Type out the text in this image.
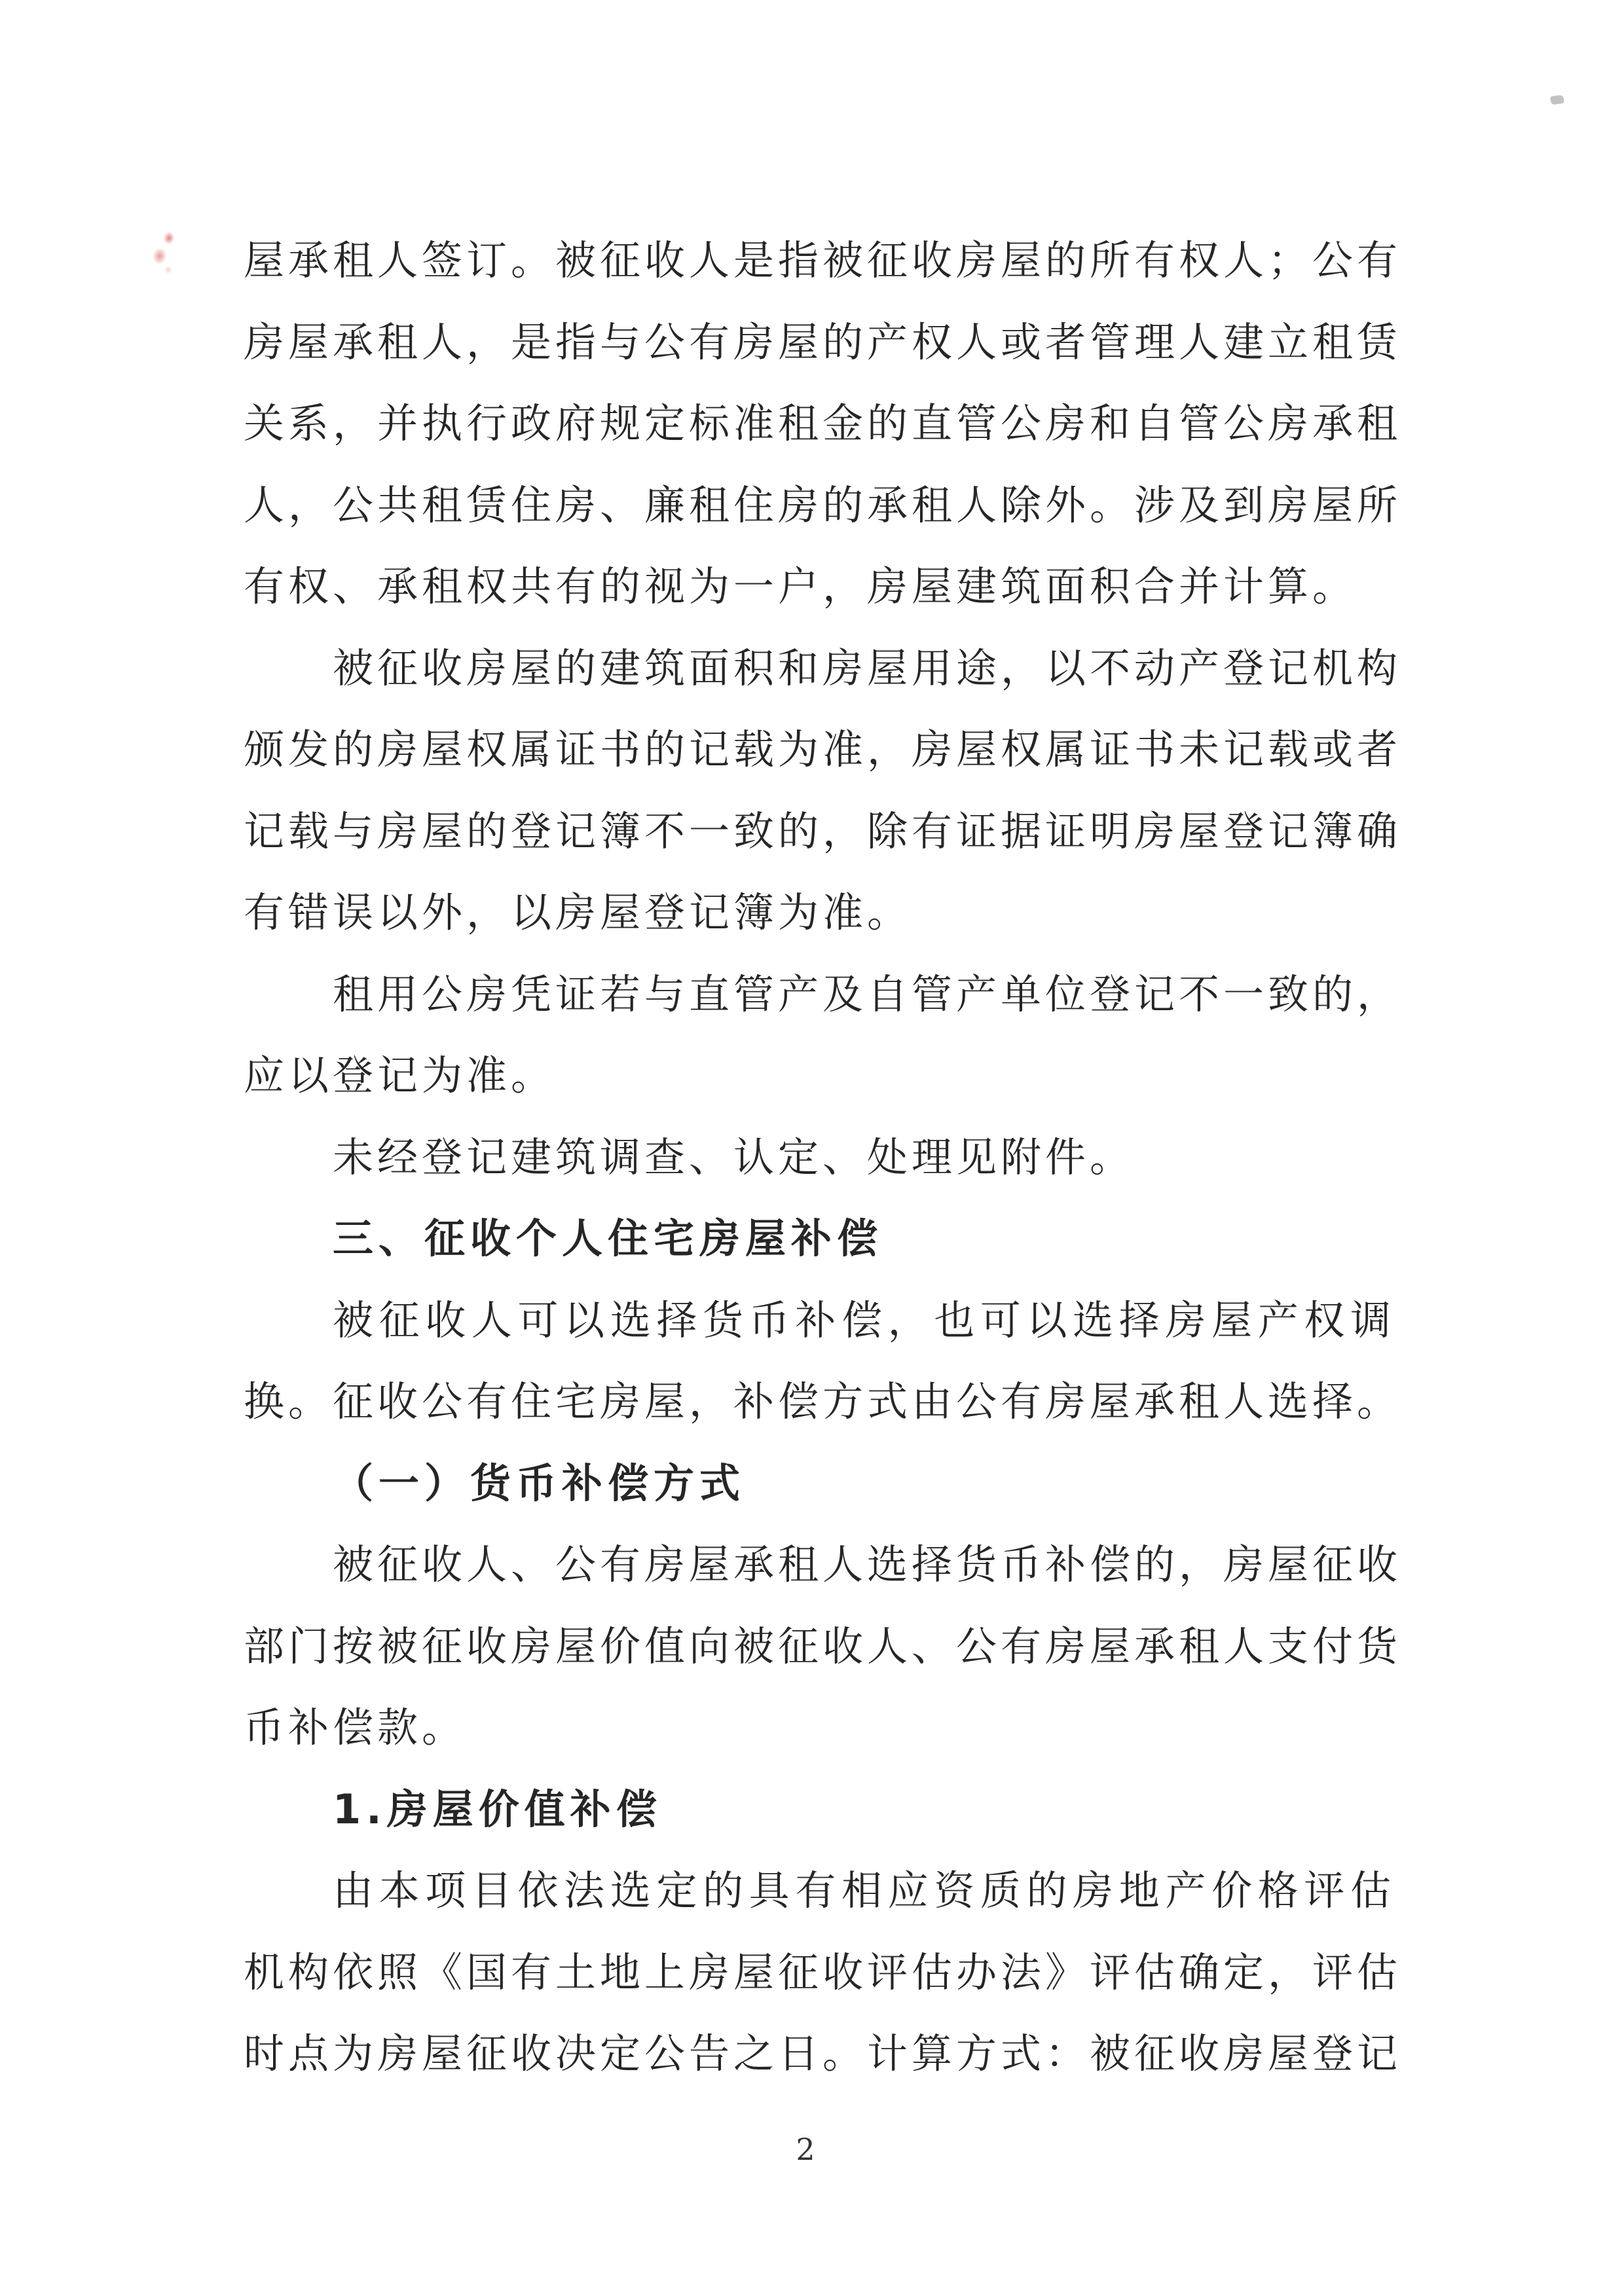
屋承租人签订。被征收人是指被征收房屋的所有权人；公有
房屋承租人，是指与公有房屋的产权人或者管理人建立租赁
关系，并执行政府规定标准租金的直管公房和自管公房承租
人，公共租赁住房、廉租住房的承租人除外。涉及到房屋所
有权、承租权共有的视为一户，房屋建筑面积合并计算。
被征收房屋的建筑面积和房屋用途，以不动产登记机构
颁发的房屋权属证书的记载为准，房屋权属证书未记载或者
记载与房屋的登记簿不一致的，除有证据证明房屋登记簿确
有错误以外，以房屋登记簿为准。
租用公房凭证若与直管产及自管产单位登记不一致的，
应以登记为准。
未经登记建筑调查、认定、处理见附件。
三、征收个人住宅房屋补偿
被征收人可以选择货币补偿，也可以选择房屋产权调
换。征收公有住宅房屋，补偿方式由公有房屋承租人选择。
（一）货币补偿方式
被征收人、公有房屋承租人选择货币补偿的，房屋征收
部门按被征收房屋价值向被征收人、公有房屋承租人支付货
币补偿款。
1.房屋价值补偿
由本项目依法选定的具有相应资质的房地产价格评估
机构依照《国有土地上房屋征收评估办法》评估确定，评估
时点为房屋征收决定公告之日。计算方式：被征收房屋登记
2
